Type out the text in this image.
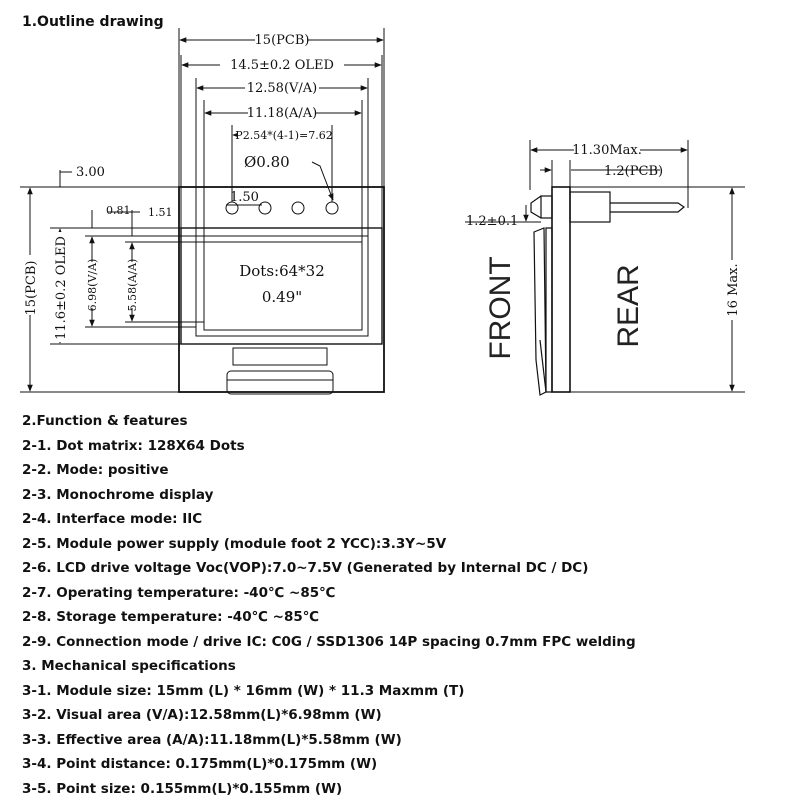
1.Outline drawing
15(PCB)
14.5±0.2 OLED
12.58(V/A)
11.18(A/A)
P2.54*(4-1)=7.62
Ø0.80
1.50
3.00
0.81 1.51
15(PCB) 11.6±0.2 OLED 6.98(V/A) 5.58(A/A)	Dots:64*32
0.49"
11.30Max.
1.2(PCB)
1.2±0.1
16 Max.
FRONT	REAR
2.Function & features
2-1. Dot matrix: 128X64 Dots
2-2. Mode: positive
2-3. Monochrome display
2-4. Interface mode: IIC
2-5. Module power supply (module foot 2 YCC):3.3Y~5V
2-6. LCD drive voltage Voc(VOP):7.0~7.5V (Generated by Internal DC / DC)
2-7. Operating temperature: -40℃ ~85℃
2-8. Storage temperature: -40℃ ~85℃
2-9. Connection mode / drive IC: C0G / SSD1306 14P spacing 0.7mm FPC welding
3. Mechanical specifications
3-1. Module size: 15mm (L) * 16mm (W) * 11.3 Maxmm (T)
3-2. Visual area (V/A):12.58mm(L)*6.98mm (W)
3-3. Effective area (A/A):11.18mm(L)*5.58mm (W)
3-4. Point distance: 0.175mm(L)*0.175mm (W)
3-5. Point size: 0.155mm(L)*0.155mm (W)
